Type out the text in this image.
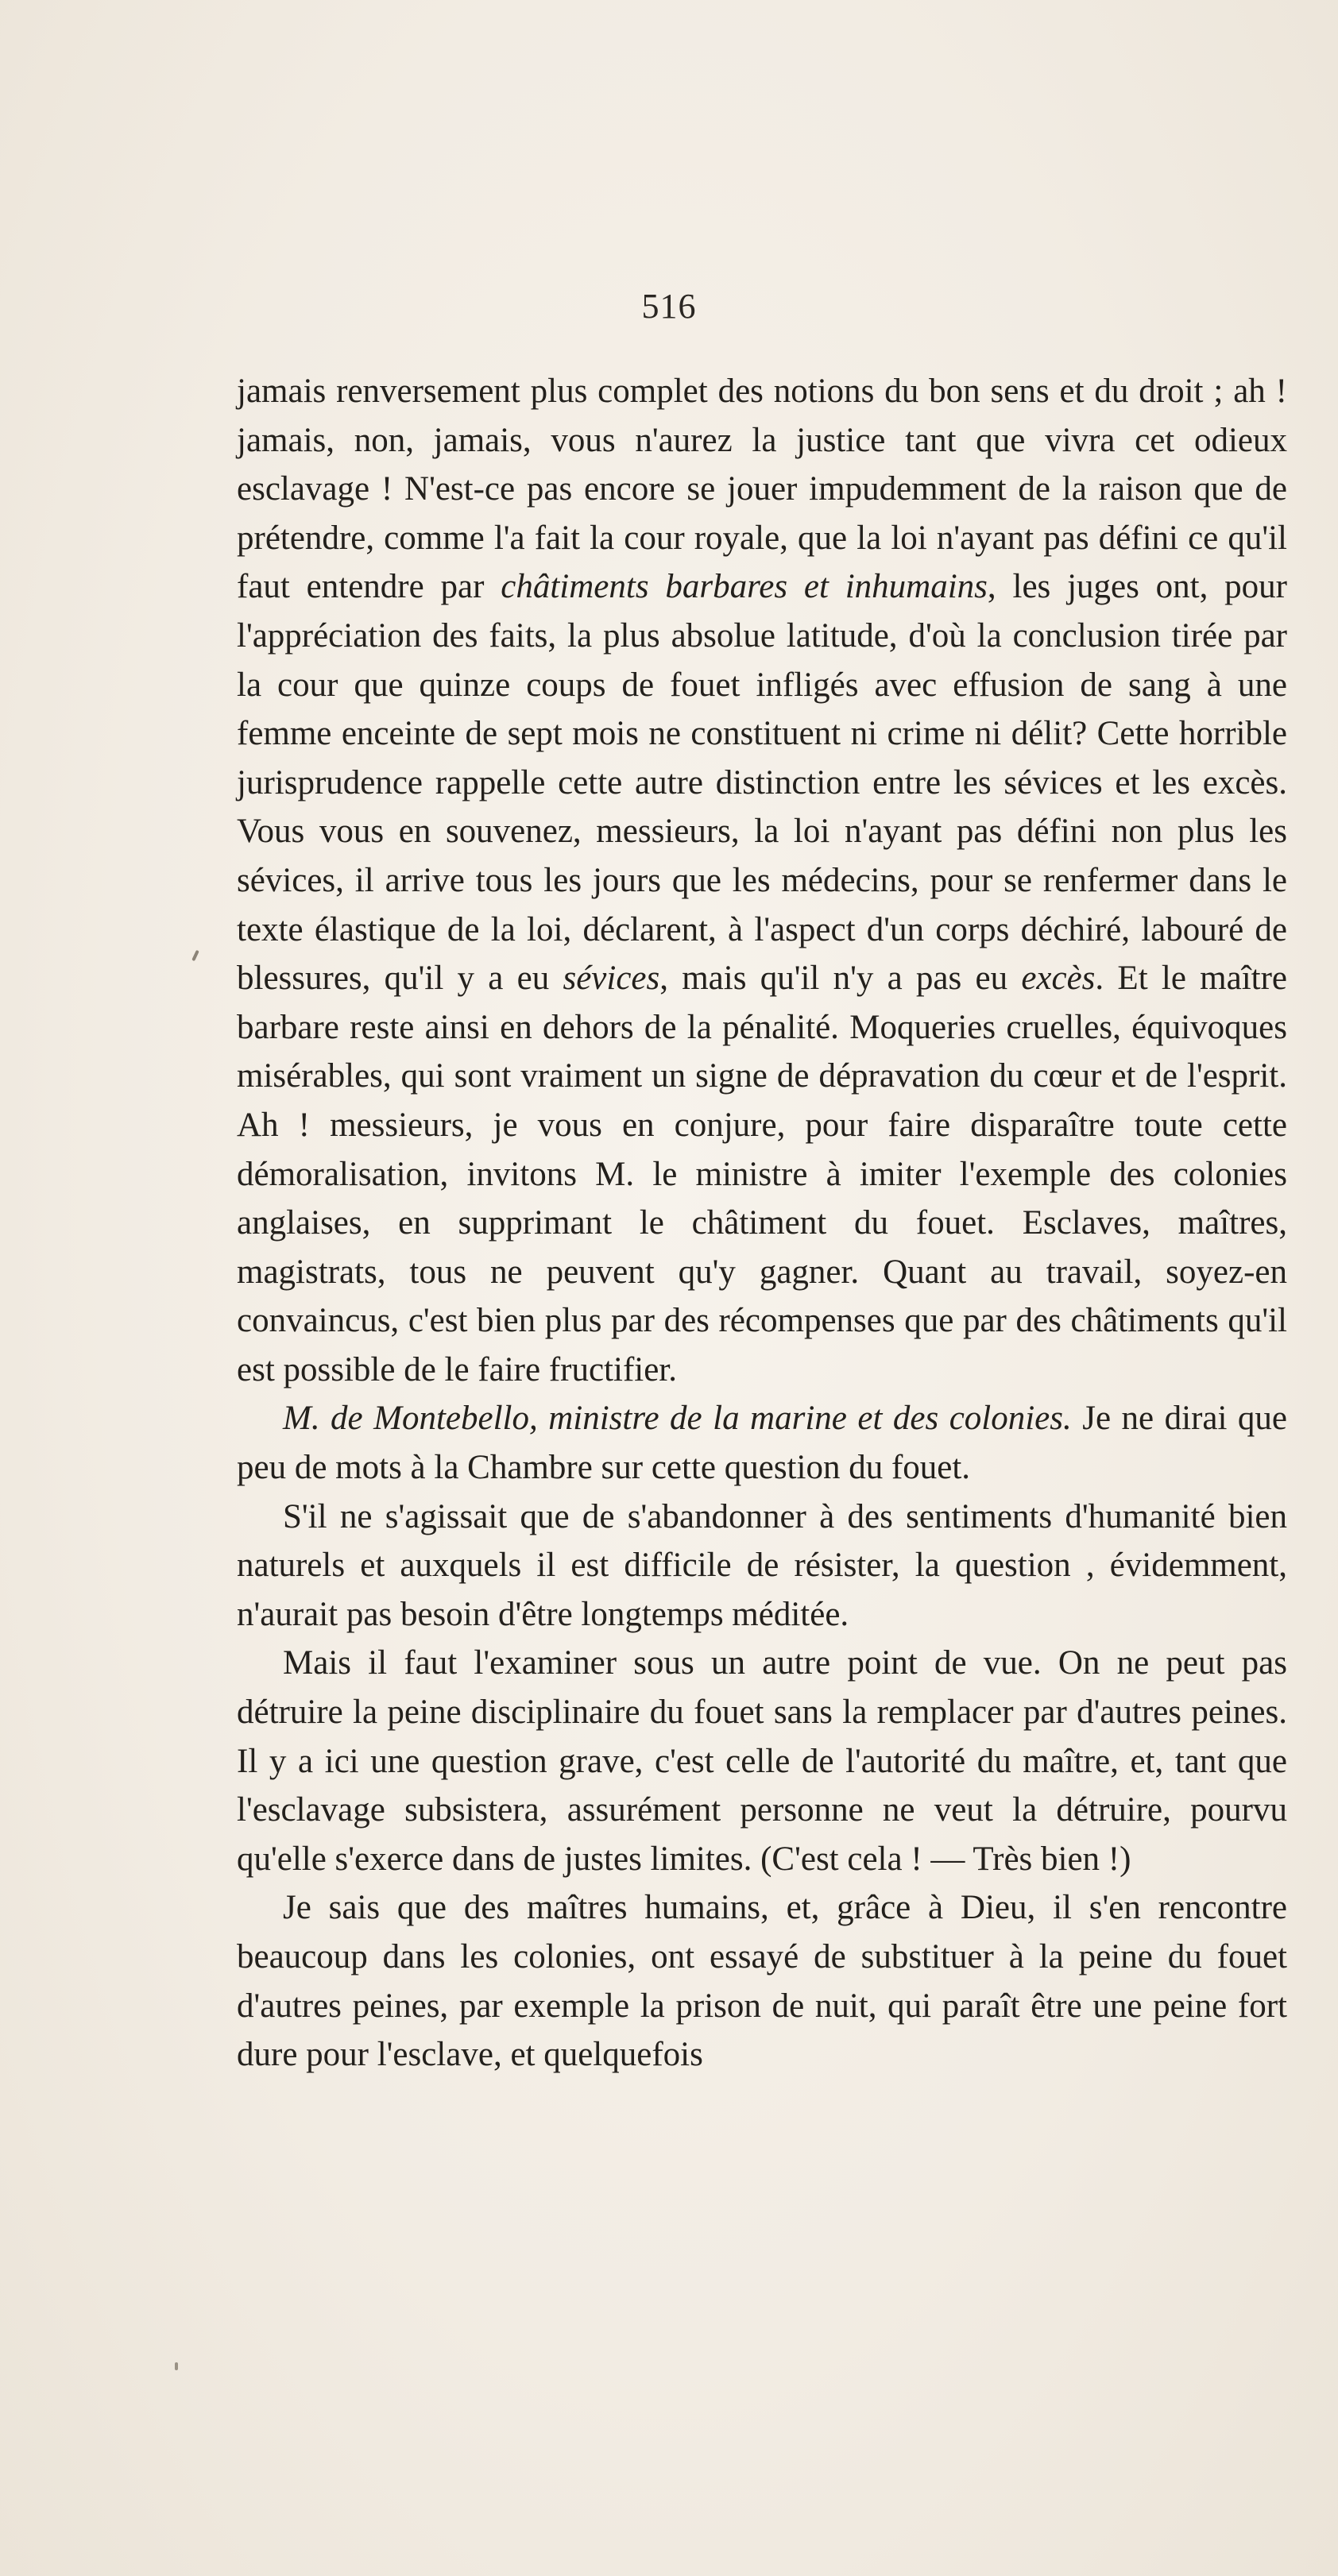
516

jamais renversement plus complet des notions du bon sens et du droit ; ah ! jamais, non, jamais, vous n'aurez la justice tant que vivra cet odieux esclavage ! N'est-ce pas encore se jouer impudemment de la raison que de prétendre, comme l'a fait la cour royale, que la loi n'ayant pas défini ce qu'il faut entendre par châtiments barbares et inhumains, les juges ont, pour l'appréciation des faits, la plus absolue latitude, d'où la conclusion tirée par la cour que quinze coups de fouet infligés avec effusion de sang à une femme enceinte de sept mois ne constituent ni crime ni délit? Cette horrible jurisprudence rappelle cette autre distinction entre les sévices et les excès. Vous vous en souvenez, messieurs, la loi n'ayant pas défini non plus les sévices, il arrive tous les jours que les médecins, pour se renfermer dans le texte élastique de la loi, déclarent, à l'aspect d'un corps déchiré, labouré de blessures, qu'il y a eu sévices, mais qu'il n'y a pas eu excès. Et le maître barbare reste ainsi en dehors de la pénalité. Moqueries cruelles, équivoques misérables, qui sont vraiment un signe de dépravation du cœur et de l'esprit. Ah ! messieurs, je vous en conjure, pour faire disparaître toute cette démoralisation, invitons M. le ministre à imiter l'exemple des colonies anglaises, en supprimant le châtiment du fouet. Esclaves, maîtres, magistrats, tous ne peuvent qu'y gagner. Quant au travail, soyez-en convaincus, c'est bien plus par des récompenses que par des châtiments qu'il est possible de le faire fructifier.

M. de Montebello, ministre de la marine et des colonies. Je ne dirai que peu de mots à la Chambre sur cette question du fouet.

S'il ne s'agissait que de s'abandonner à des sentiments d'humanité bien naturels et auxquels il est difficile de résister, la question , évidemment, n'aurait pas besoin d'être longtemps méditée.

Mais il faut l'examiner sous un autre point de vue. On ne peut pas détruire la peine disciplinaire du fouet sans la remplacer par d'autres peines. Il y a ici une question grave, c'est celle de l'autorité du maître, et, tant que l'esclavage subsistera, assurément personne ne veut la détruire, pourvu qu'elle s'exerce dans de justes limites. (C'est cela ! — Très bien !)

Je sais que des maîtres humains, et, grâce à Dieu, il s'en rencontre beaucoup dans les colonies, ont essayé de substituer à la peine du fouet d'autres peines, par exemple la prison de nuit, qui paraît être une peine fort dure pour l'esclave, et quelquefois
